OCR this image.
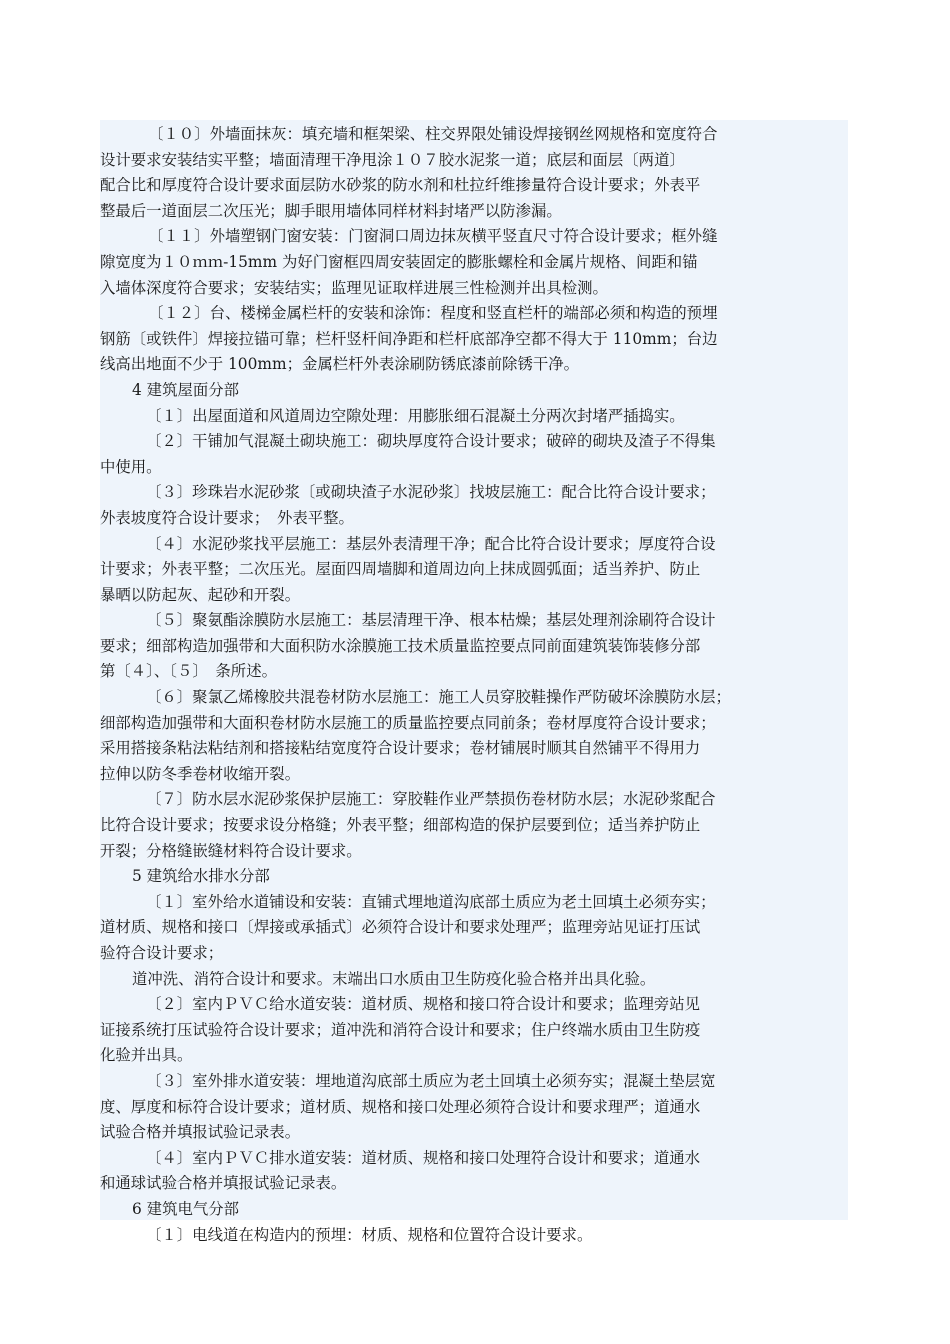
〔１０〕外墙面抹灰：填充墙和框架梁、柱交界限处铺设焊接钢丝网规格和宽度符合
设计要求安装结实平整；墙面清理干净甩涂１０７胶水泥浆一道；底层和面层〔两道〕
配合比和厚度符合设计要求面层防水砂浆的防水剂和杜拉纤维掺量符合设计要求；外表平
整最后一道面层二次压光；脚手眼用墙体同样材料封堵严以防渗漏。
〔１１〕外墙塑钢门窗安装：门窗洞口周边抹灰横平竖直尺寸符合设计要求；框外缝
隙宽度为１０ｍｍ-15mm 为好门窗框四周安装固定的膨胀螺栓和金属片规格、间距和锚
入墙体深度符合要求；安装结实；监理见证取样进展三性检测并出具检测。
〔１２〕台、楼梯金属栏杆的安装和涂饰：程度和竖直栏杆的端部必须和构造的预埋
钢筋〔或铁件〕焊接拉锚可靠；栏杆竖杆间净距和栏杆底部净空都不得大于 110mm；台边
线高出地面不少于 100mm；金属栏杆外表涂刷防锈底漆前除锈干净。
4 建筑屋面分部
〔１〕出屋面道和风道周边空隙处理：用膨胀细石混凝土分两次封堵严插捣实。
〔２〕干铺加气混凝土砌块施工：砌块厚度符合设计要求；破碎的砌块及渣子不得集
中使用。
〔３〕珍珠岩水泥砂浆〔或砌块渣子水泥砂浆〕找坡层施工：配合比符合设计要求；
外表坡度符合设计要求；　外表平整。
〔４〕水泥砂浆找平层施工：基层外表清理干净；配合比符合设计要求；厚度符合设
计要求；外表平整；二次压光。屋面四周墙脚和道周边向上抹成圆弧面；适当养护、防止
暴晒以防起灰、起砂和开裂。
〔５〕聚氨酯涂膜防水层施工：基层清理干净、根本枯燥；基层处理剂涂刷符合设计
要求；细部构造加强带和大面积防水涂膜施工技术质量监控要点同前面建筑装饰装修分部
第〔４〕、〔５〕　条所述。
〔６〕聚氯乙烯橡胶共混卷材防水层施工：施工人员穿胶鞋操作严防破坏涂膜防水层；
细部构造加强带和大面积卷材防水层施工的质量监控要点同前条；卷材厚度符合设计要求；
采用搭接条粘法粘结剂和搭接粘结宽度符合设计要求；卷材铺展时顺其自然铺平不得用力
拉伸以防冬季卷材收缩开裂。
〔７〕防水层水泥砂浆保护层施工：穿胶鞋作业严禁损伤卷材防水层；水泥砂浆配合
比符合设计要求；按要求设分格缝；外表平整；细部构造的保护层要到位；适当养护防止
开裂；分格缝嵌缝材料符合设计要求。
5 建筑给水排水分部
〔１〕室外给水道铺设和安装：直铺式埋地道沟底部土质应为老土回填土必须夯实；
道材质、规格和接口〔焊接或承插式〕必须符合设计和要求处理严；监理旁站见证打压试
验符合设计要求；
道冲洗、消符合设计和要求。末端出口水质由卫生防疫化验合格并出具化验。
〔２〕室内ＰＶＣ给水道安装：道材质、规格和接口符合设计和要求；监理旁站见
证接系统打压试验符合设计要求；道冲洗和消符合设计和要求；住户终端水质由卫生防疫
化验并出具。
〔３〕室外排水道安装：埋地道沟底部土质应为老土回填土必须夯实；混凝土垫层宽
度、厚度和标符合设计要求；道材质、规格和接口处理必须符合设计和要求理严；道通水
试验合格并填报试验记录表。
〔４〕室内ＰＶＣ排水道安装：道材质、规格和接口处理符合设计和要求；道通水
和通球试验合格并填报试验记录表。
6 建筑电气分部
〔１〕电线道在构造内的预埋：材质、规格和位置符合设计要求。
